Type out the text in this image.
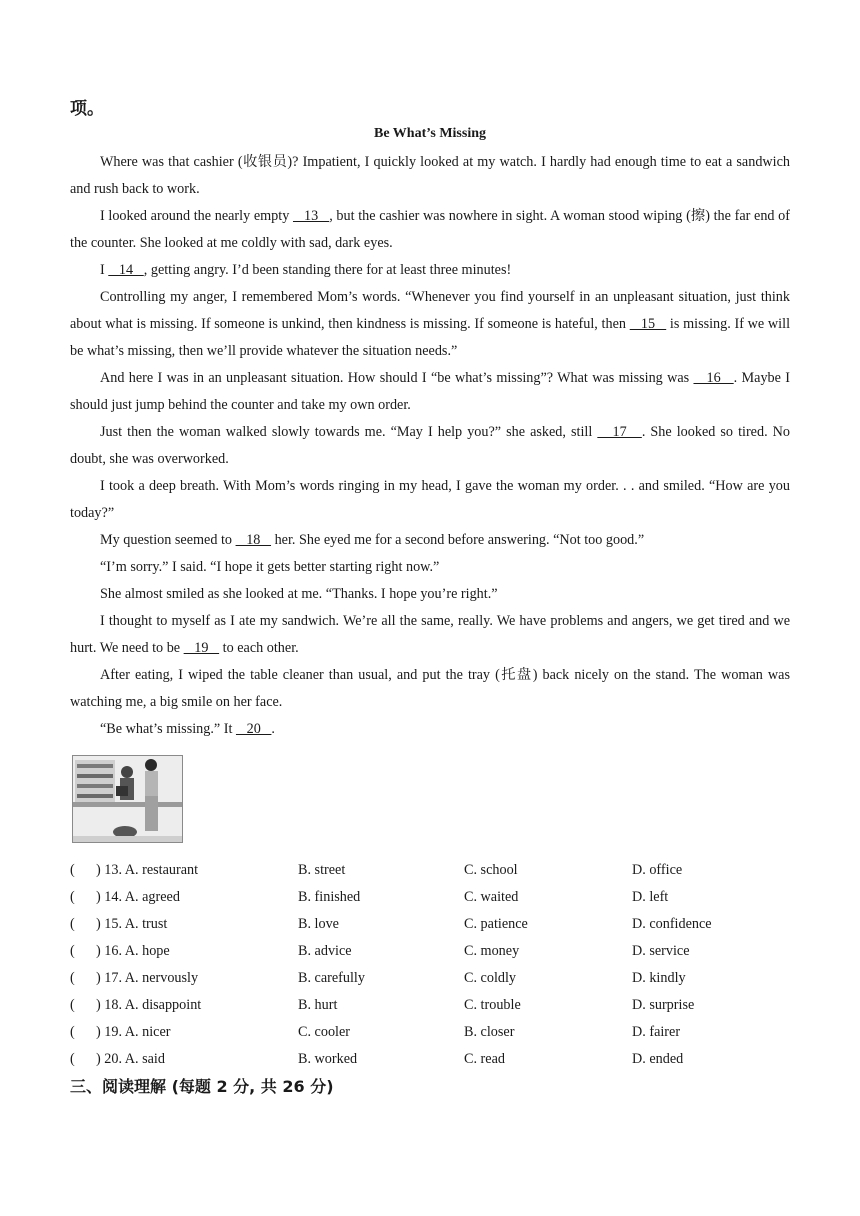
项。
Be What’s Missing

Where was that cashier (收银员)? Impatient, I quickly looked at my watch. I hardly had enough time to eat a sandwich and rush back to work.

I looked around the nearly empty    13   , but the cashier was nowhere in sight. A woman stood wiping (擦) the far end of the counter. She looked at me coldly with sad, dark eyes.

I    14   , getting angry. I’d been standing there for at least three minutes!

Controlling my anger, I remembered Mom’s words. “Whenever you find yourself in an unpleasant situation, just think about what is missing. If someone is unkind, then kindness is missing. If someone is hateful, then    15    is missing. If we will be what’s missing, then we’ll provide whatever the situation needs.”

And here I was in an unpleasant situation. How should I “be what’s missing”? What was missing was    16   . Maybe I should just jump behind the counter and take my own order.

Just then the woman walked slowly towards me. “May I help you?” she asked, still    17   . She looked so tired. No doubt, she was overworked.

I took a deep breath. With Mom’s words ringing in my head, I gave the woman my order. . . and smiled. “How are you today?”

My question seemed to    18    her. She eyed me for a second before answering. “Not too good.”

“I’m sorry.” I said. “I hope it gets better starting right now.”

She almost smiled as she looked at me. “Thanks. I hope you’re right.”

I thought to myself as I ate my sandwich. We’re all the same, really. We have problems and angers, we get tired and we hurt. We need to be    19    to each other.

After eating, I wiped the table cleaner than usual, and put the tray (托盘) back nicely on the stand. The woman was watching me, a big smile on her face.

“Be what’s missing.” It    20   .

(      ) 13. A. restaurant	B. street	C. school	D. office
(      ) 14. A. agreed	B. finished	C. waited	D. left
(      ) 15. A. trust	B. love	C. patience	D. confidence
(      ) 16. A. hope	B. advice	C. money	D. service
(      ) 17. A. nervously	B. carefully	C. coldly	D. kindly
(      ) 18. A. disappoint	B. hurt	C. trouble	D. surprise
(      ) 19. A. nicer	C. cooler	B. closer	D. fairer
(      ) 20. A. said	B. worked	C. read	D. ended
三、阅读理解 (每题 2 分, 共 26 分)
